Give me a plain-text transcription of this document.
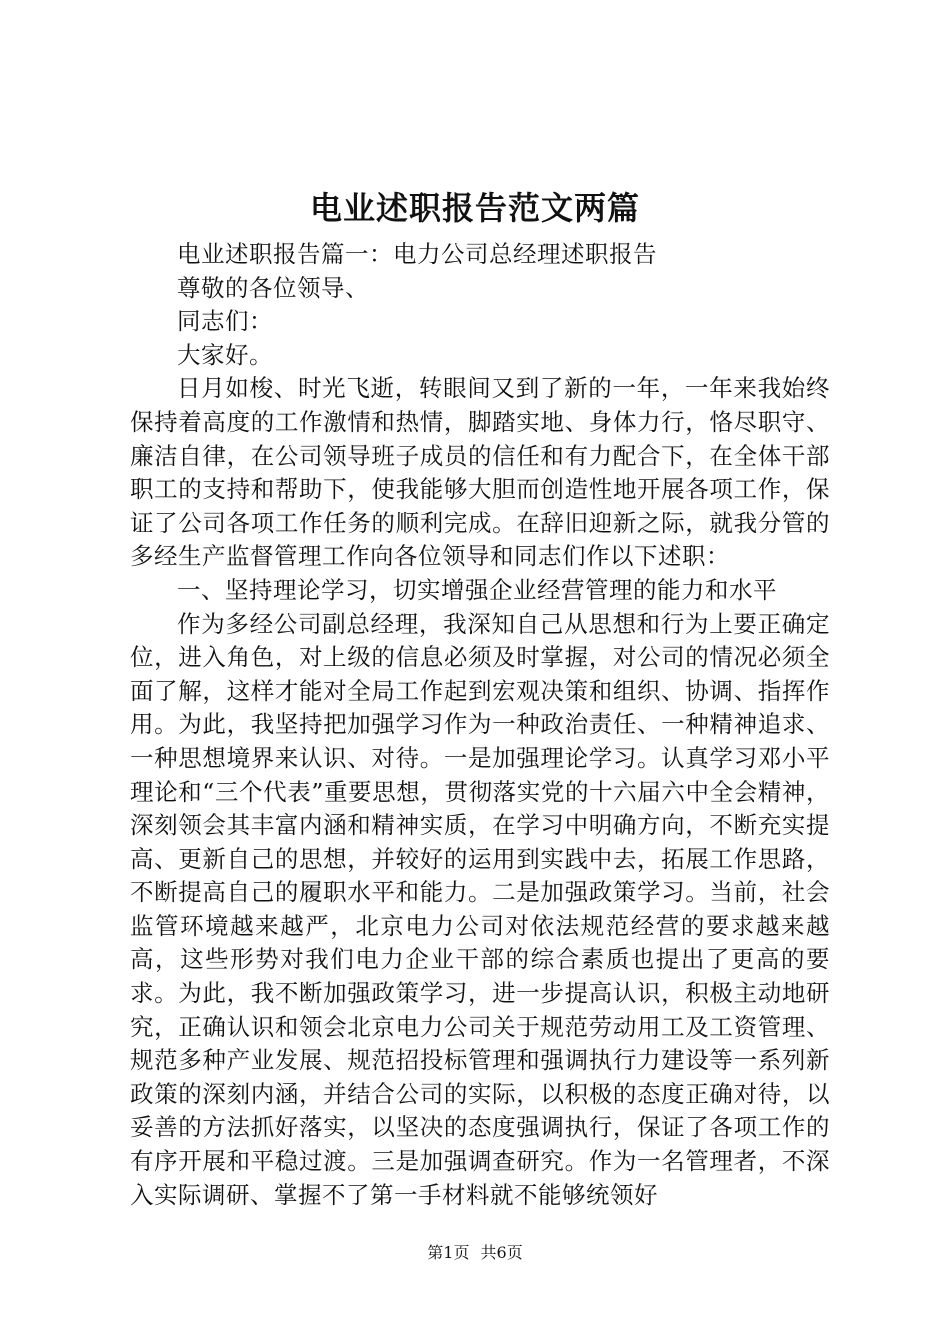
电业述职报告范文两篇

电业述职报告篇一：电力公司总经理述职报告

尊敬的各位领导、

同志们：

大家好。

日月如梭、时光飞逝，转眼间又到了新的一年，一年来我始终保持着高度的工作激情和热情，脚踏实地、身体力行，恪尽职守、廉洁自律，在公司领导班子成员的信任和有力配合下，在全体干部职工的支持和帮助下，使我能够大胆而创造性地开展各项工作，保证了公司各项工作任务的顺利完成。在辞旧迎新之际，就我分管的多经生产监督管理工作向各位领导和同志们作以下述职：

一、坚持理论学习，切实增强企业经营管理的能力和水平

作为多经公司副总经理，我深知自己从思想和行为上要正确定位，进入角色，对上级的信息必须及时掌握，对公司的情况必须全面了解，这样才能对全局工作起到宏观决策和组织、协调、指挥作用。为此，我坚持把加强学习作为一种政治责任、一种精神追求、一种思想境界来认识、对待。一是加强理论学习。认真学习邓小平理论和“三个代表”重要思想，贯彻落实党的十六届六中全会精神，深刻领会其丰富内涵和精神实质，在学习中明确方向，不断充实提高、更新自己的思想，并较好的运用到实践中去，拓展工作思路，不断提高自己的履职水平和能力。二是加强政策学习。当前，社会监管环境越来越严，北京电力公司对依法规范经营的要求越来越高，这些形势对我们电力企业干部的综合素质也提出了更高的要求。为此，我不断加强政策学习，进一步提高认识，积极主动地研究，正确认识和领会北京电力公司关于规范劳动用工及工资管理、规范多种产业发展、规范招投标管理和强调执行力建设等一系列新政策的深刻内涵，并结合公司的实际，以积极的态度正确对待，以妥善的方法抓好落实，以坚决的态度强调执行，保证了各项工作的有序开展和平稳过渡。三是加强调查研究。作为一名管理者，不深入实际调研、掌握不了第一手材料就不能够统领好

第1页 共6页
